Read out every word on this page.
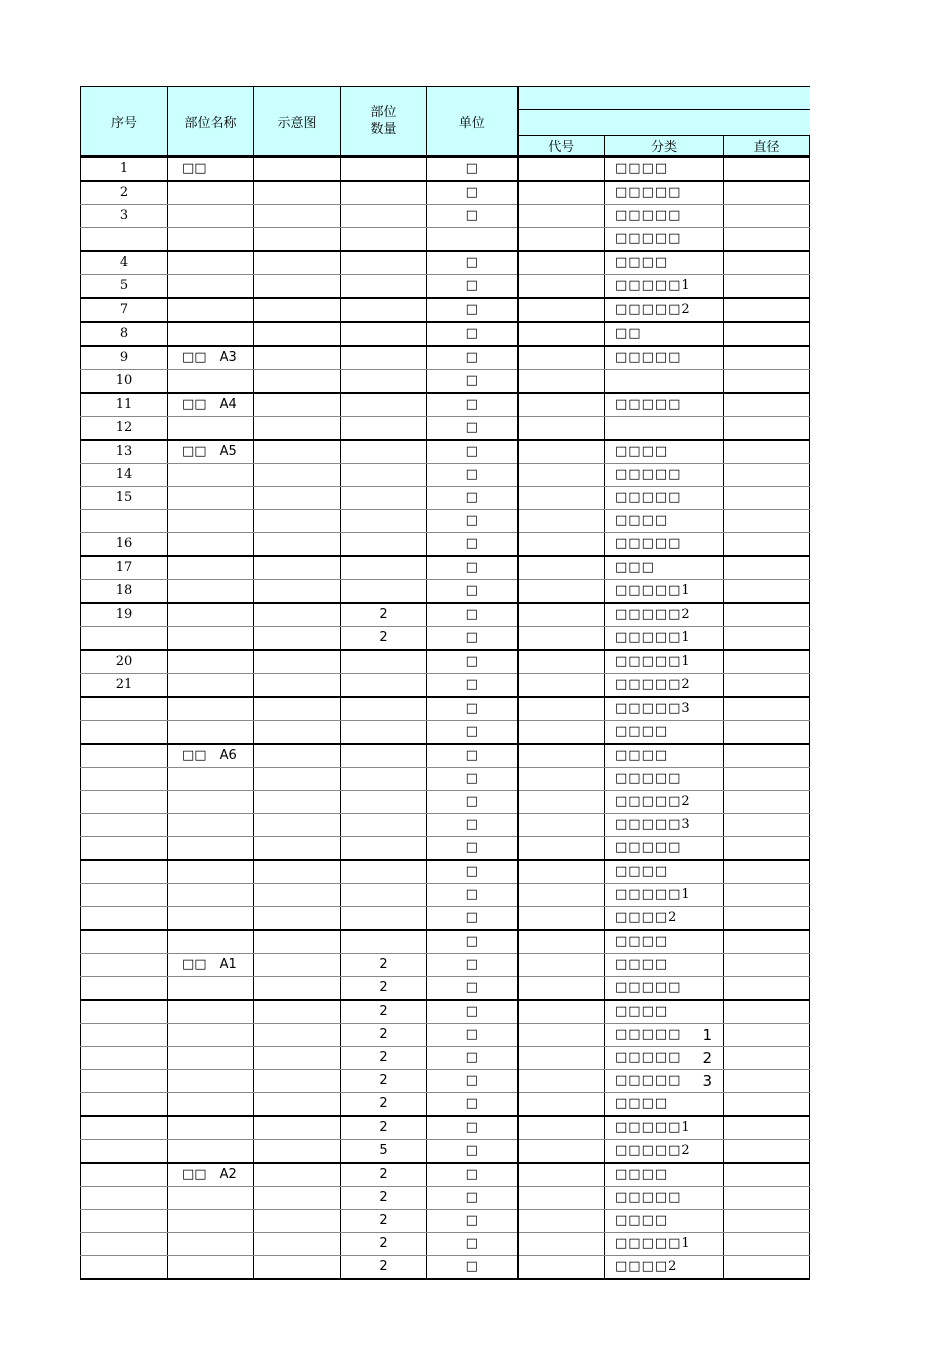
序号	部位名称	示意图	部位
数量	单位			

					代号	分类	直径
1	□□			□		□□□□

2				□		□□□□□

3				□		□□□□□

						□□□□□

4				□		□□□□

5				□		□□□□□1

7				□		□□□□□2

8				□		□□

9	□□　A3			□		□□□□□

10				□		

11	□□　A4			□		□□□□□

12				□		

13	□□　A5			□		□□□□

14				□		□□□□□

15				□		□□□□□

				□		□□□□

16				□		□□□□□

17				□		□□□

18				□		□□□□□1

19			2	□		□□□□□2

			2	□		□□□□□1

20				□		□□□□□1

21				□		□□□□□2

				□		□□□□□3

				□		□□□□

	□□　A6			□		□□□□

				□		□□□□□

				□		□□□□□2

				□		□□□□□3

				□		□□□□□

				□		□□□□

				□		□□□□□1

				□		□□□□2

				□		□□□□

	□□　A1		2	□		□□□□

			2	□		□□□□□

			2	□		□□□□

			2	□		□□□□□ 1	

			2	□		□□□□□ 2	

			2	□		□□□□□ 3	

			2	□		□□□□

			2	□		□□□□□1

			5	□		□□□□□2

	□□　A2		2	□		□□□□

			2	□		□□□□□

			2	□		□□□□

			2	□		□□□□□1

			2	□		□□□□2
